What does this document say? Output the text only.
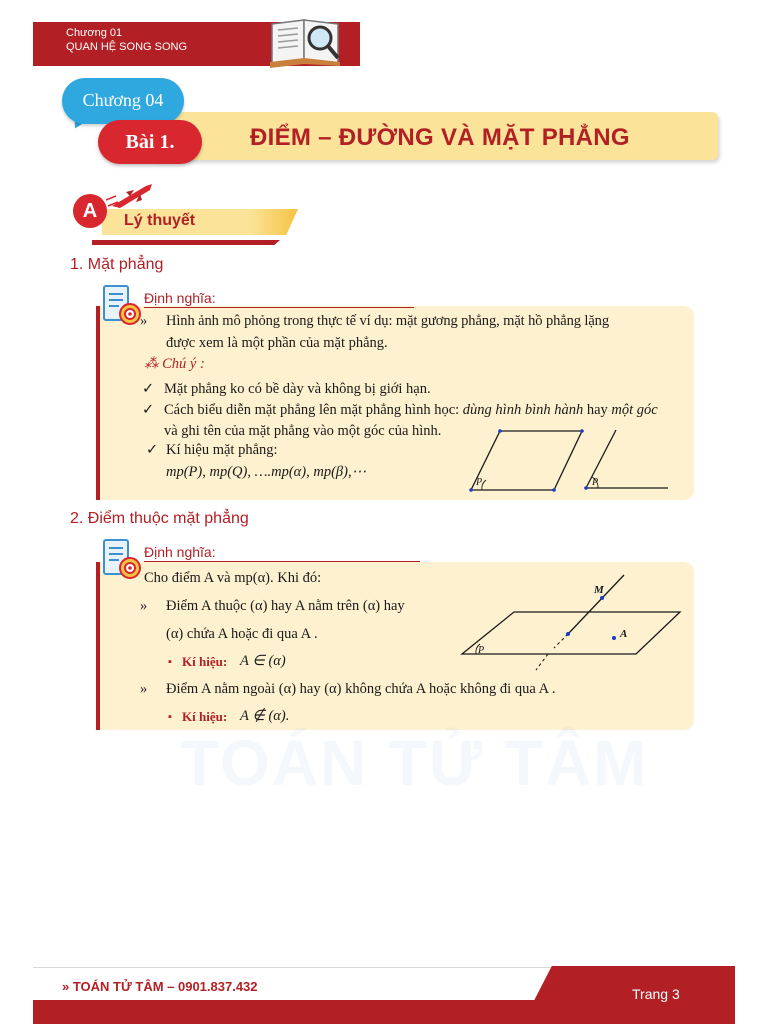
Chương 01
QUAN HỆ SONG SONG
ĐIỂM – ĐƯỜNG VÀ MẶT PHẲNG
Chương 04
Bài 1.
Lý thuyết
A
1. Mặt phẳng
Định nghĩa:
» Hình ảnh mô phỏng trong thực tế ví dụ: mặt gương phẳng, mặt hồ phẳng lặng
được xem là một phần của mặt phẳng.
⁂ Chú ý :
✓ Mặt phẳng ko có bề dày và không bị giới hạn.
✓ Cách biểu diễn mặt phẳng lên mặt phẳng hình học: dùng hình bình hành hay một góc
và ghi tên của mặt phẳng vào một góc của hình.
✓ Kí hiệu mặt phẳng:
mp(P), mp(Q), ….mp(α), mp(β),⋯
P	P
2. Điểm thuộc mặt phẳng
Định nghĩa:
Cho điểm A và mp(α). Khi đó:
» Điểm A thuộc (α) hay A nằm trên (α) hay
(α) chứa A hoặc đi qua A .
▪ Kí hiệu: A ∈ (α)
» Điểm A nằm ngoài (α) hay (α) không chứa A hoặc không đi qua A .
▪ Kí hiệu: A ∉ (α).
M
A
P
TOÁN TỬ TÂM
» TOÁN TỬ TÂM – 0901.837.432	Trang 3
